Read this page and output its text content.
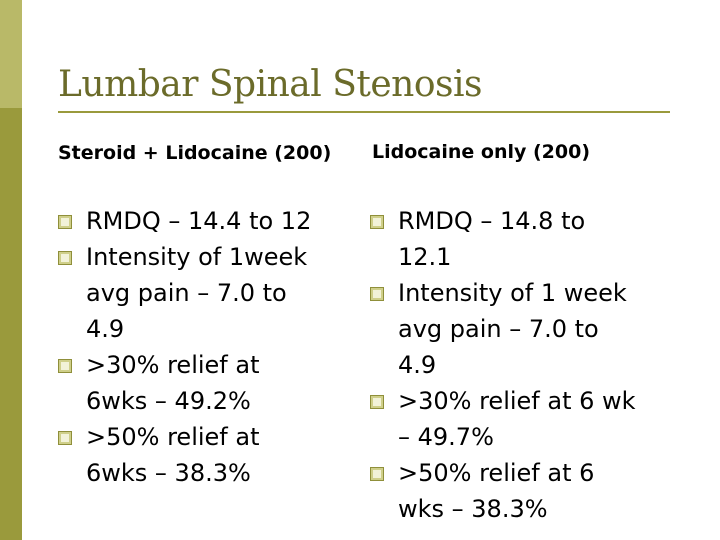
Lumbar Spinal Stenosis
Steroid + Lidocaine (200)	Lidocaine only (200)
RMDQ – 14.4 to 12
Intensity of 1week avg pain – 7.0 to 4.9
>30% relief at 6wks – 49.2%
>50% relief at 6wks – 38.3%
RMDQ – 14.8 to 12.1
Intensity of 1 week avg pain – 7.0 to 4.9
>30% relief at 6 wk – 49.7%
>50% relief at 6 wks – 38.3%
